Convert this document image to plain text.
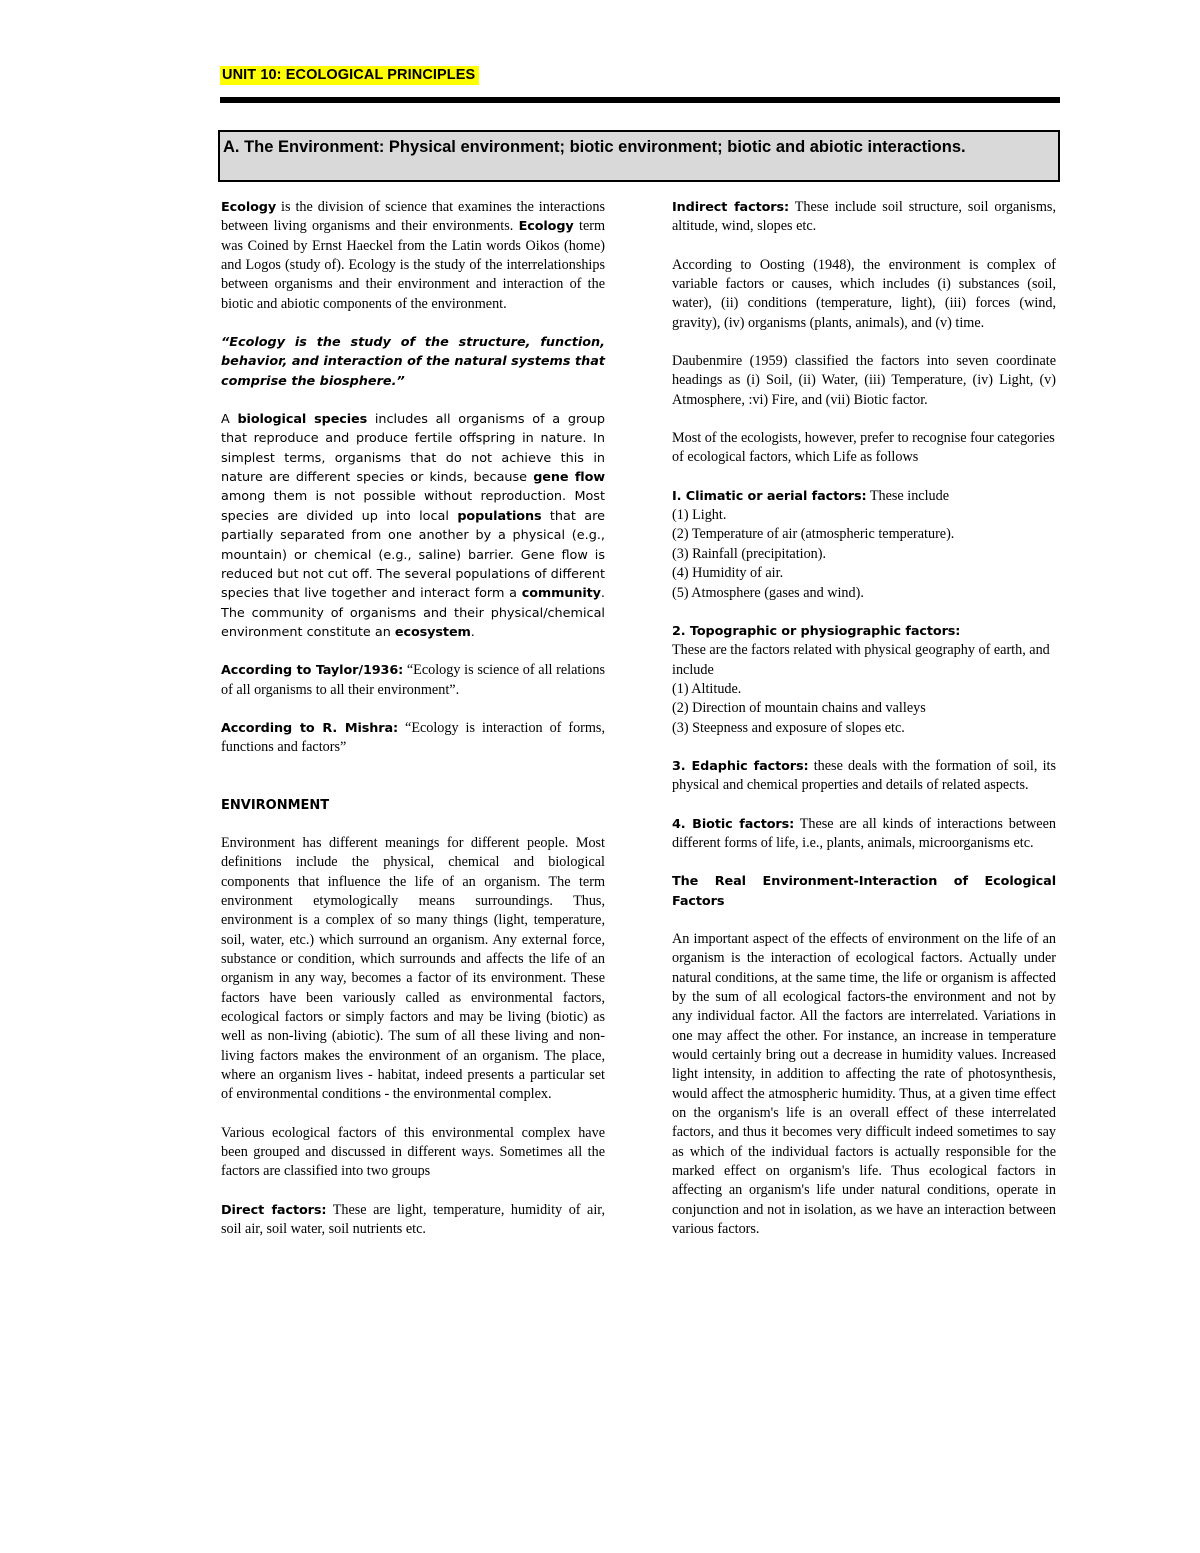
UNIT 10: ECOLOGICAL PRINCIPLES
A. The Environment: Physical environment; biotic environment; biotic and abiotic interactions.

Ecology is the division of science that examines the interactions between living organisms and their environments. Ecology term was Coined by Ernst Haeckel from the Latin words Oikos (home) and Logos (study of). Ecology is the study of the interrelationships between organisms and their environment and interaction of the biotic and abiotic components of the environment.

“Ecology is the study of the structure, function, behavior, and interaction of the natural systems that comprise the biosphere.”

A biological species includes all organisms of a group that reproduce and produce fertile offspring in nature. In simplest terms, organisms that do not achieve this in nature are different species or kinds, because gene flow among them is not possible without reproduction. Most species are divided up into local populations that are partially separated from one another by a physical (e.g., mountain) or chemical (e.g., saline) barrier. Gene flow is reduced but not cut off. The several populations of different species that live together and interact form a community. The community of organisms and their physical/chemical environment constitute an ecosystem.

According to Taylor/1936: “Ecology is science of all relations of all organisms to all their environment”.

According to R. Mishra: “Ecology is interaction of forms, functions and factors”

ENVIRONMENT

Environment has different meanings for different people. Most definitions include the physical, chemical and biological components that influence the life of an organism. The term environment etymologically means surroundings. Thus, environment is a complex of so many things (light, temperature, soil, water, etc.) which surround an organism. Any external force, substance or condition, which surrounds and affects the life of an organism in any way, becomes a factor of its environment. These factors have been variously called as environmental factors, ecological factors or simply factors and may be living (biotic) as well as non-living (abiotic). The sum of all these living and non-living factors makes the environment of an organism. The place, where an organism lives - habitat, indeed presents a particular set of environmental conditions - the environmental complex.

Various ecological factors of this environmental complex have been grouped and discussed in different ways. Sometimes all the factors are classified into two groups

Direct factors: These are light, temperature, humidity of air, soil air, soil water, soil nutrients etc.

Indirect factors: These include soil structure, soil organisms, altitude, wind, slopes etc.

According to Oosting (1948), the environment is complex of variable factors or causes, which includes (i) substances (soil, water), (ii) conditions (temperature, light), (iii) forces (wind, gravity), (iv) organisms (plants, animals), and (v) time.

Daubenmire (1959) classified the factors into seven coordinate headings as (i) Soil, (ii) Water, (iii) Temperature, (iv) Light, (v) Atmosphere, :vi) Fire, and (vii) Biotic factor.

Most of the ecologists, however, prefer to recognise four categories of ecological factors, which Life as follows

I. Climatic or aerial factors: These include
(1) Light.
(2) Temperature of air (atmospheric temperature).
(3) Rainfall (precipitation).
(4) Humidity of air.
(5) Atmosphere (gases and wind).

2. Topographic or physiographic factors:
These are the factors related with physical geography of earth, and include
(1) Altitude.
(2) Direction of mountain chains and valleys
(3) Steepness and exposure of slopes etc.

3. Edaphic factors: these deals with the formation of soil, its physical and chemical properties and details of related aspects.

4. Biotic factors: These are all kinds of interactions between different forms of life, i.e., plants, animals, microorganisms etc.

The Real Environment-Interaction of Ecological Factors

An important aspect of the effects of environment on the life of an organism is the interaction of ecological factors. Actually under natural conditions, at the same time, the life or organism is affected by the sum of all ecological factors-the environment and not by any individual factor. All the factors are interrelated. Variations in one may affect the other. For instance, an increase in temperature would certainly bring out a decrease in humidity values. Increased light intensity, in addition to affecting the rate of photosynthesis, would affect the atmospheric humidity. Thus, at a given time effect on the organism's life is an overall effect of these interrelated factors, and thus it becomes very difficult indeed sometimes to say as which of the individual factors is actually responsible for the marked effect on organism's life. Thus ecological factors in affecting an organism's life under natural conditions, operate in conjunction and not in isolation, as we have an interaction between various factors.
